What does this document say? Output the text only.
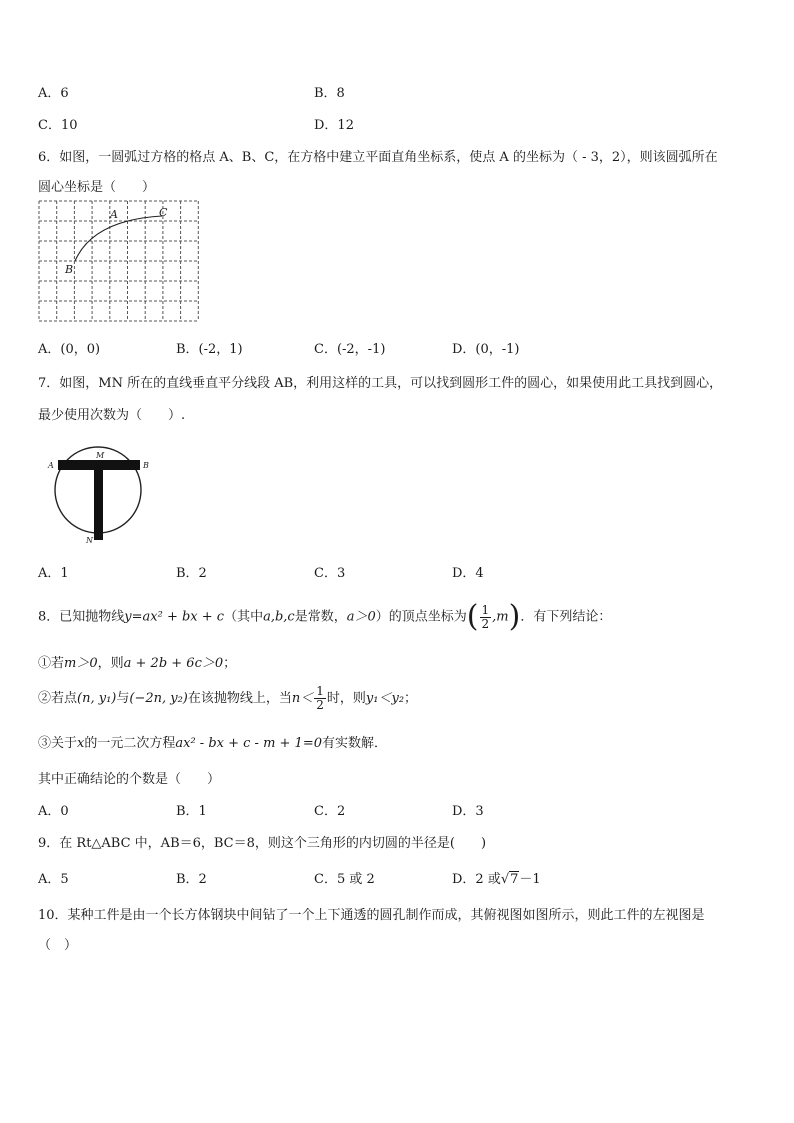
A．6	B．8
C．10	D．12
6．如图，一圆弧过方格的格点 A、B、C，在方格中建立平面直角坐标系，使点 A 的坐标为（ - 3，2），则该圆弧所在
圆心坐标是（　　）
A	C
B
A．(0，0)	B．(-2，1)	C．(-2，-1)	D．(0，-1)
7．如图，MN 所在的直线垂直平分线段 AB，利用这样的工具，可以找到圆形工件的圆心，如果使用此工具找到圆心，
最少使用次数为（　　）.
A
M
B
N
A．1	B．2	C．3	D．4
8．已知抛物线y=ax² + bx + c（其中a,b,c是常数，a＞0）的顶点坐标为( $\frac{1}{2} ,m$)．有下列结论：
①若m＞0，则a + 2b + 6c＞0；
②若点(n, y₁)与(−2n, y₂)在该抛物线上，当$n< \frac{1}{2}$ 时，则y₁＜y₂；
③关于x的一元二次方程ax² - bx + c - m + 1=0有实数解．
其中正确结论的个数是（　　）
A．0	B．1	C．2	D．3
9．在 Rt△ABC 中，AB＝6，BC＝8，则这个三角形的内切圆的半径是(　　)
A．5	B．2	C．5 或 2	D．2 或√7－1
10．某种工件是由一个长方体钢块中间钻了一个上下通透的圆孔制作而成，其俯视图如图所示，则此工件的左视图是
（　）
